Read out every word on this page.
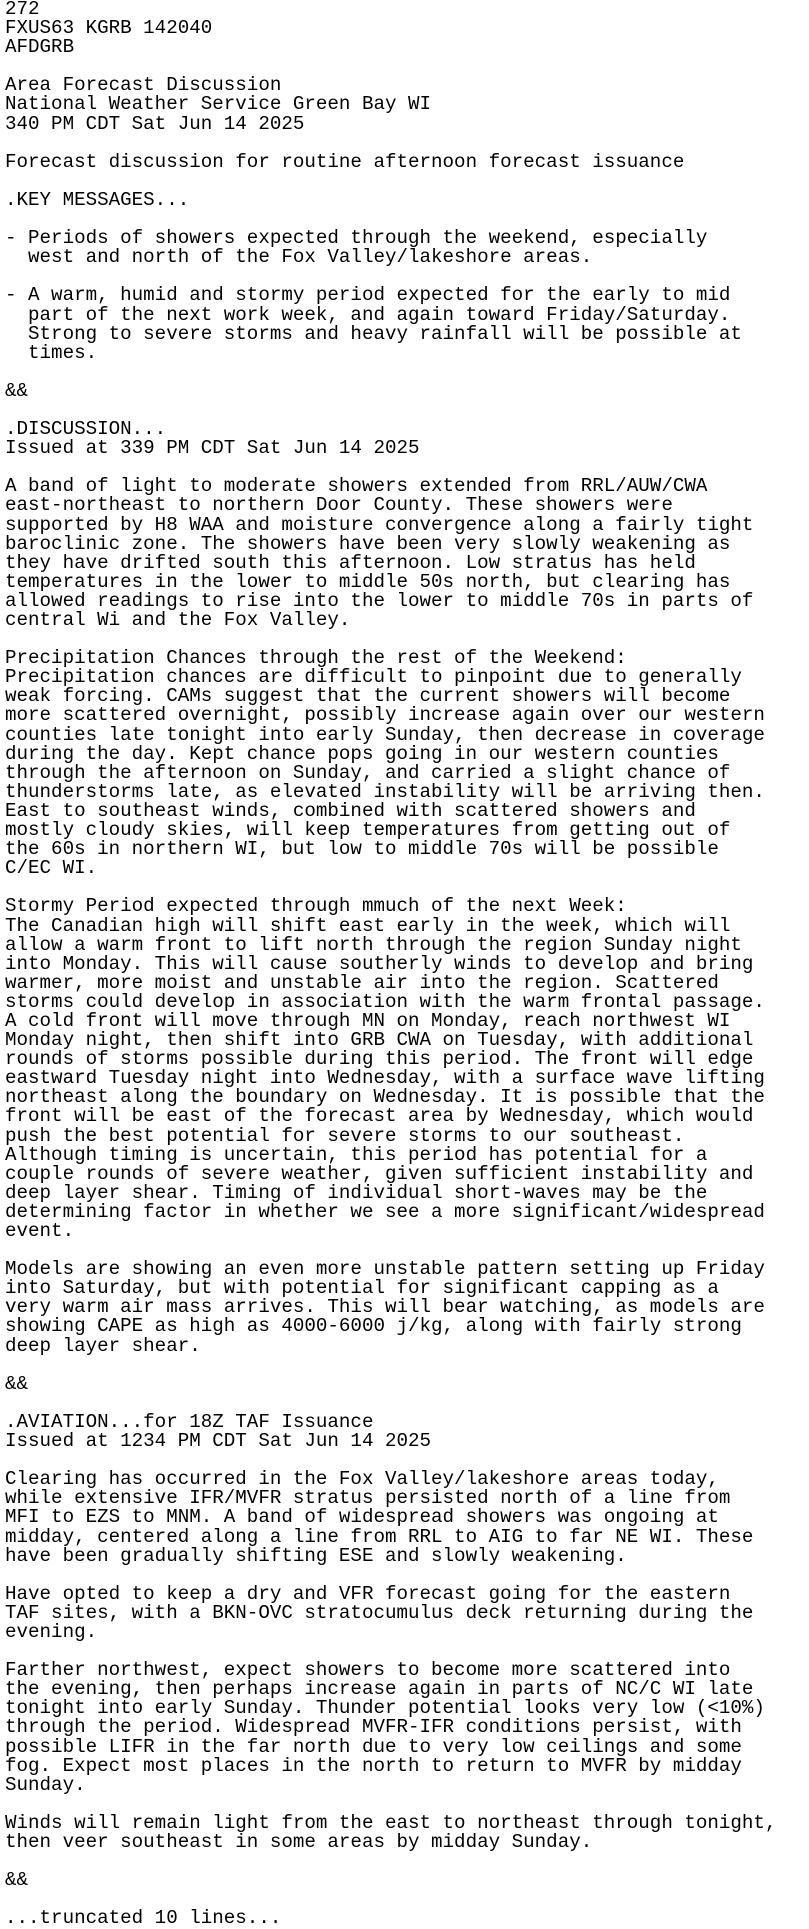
272
FXUS63 KGRB 142040
AFDGRB
Area Forecast Discussion
National Weather Service Green Bay WI
340 PM CDT Sat Jun 14 2025
Forecast discussion for routine afternoon forecast issuance
.KEY MESSAGES...
- Periods of showers expected through the weekend, especially
west and north of the Fox Valley/lakeshore areas.
- A warm, humid and stormy period expected for the early to mid
part of the next work week, and again toward Friday/Saturday.
Strong to severe storms and heavy rainfall will be possible at
times.
&&
.DISCUSSION...
Issued at 339 PM CDT Sat Jun 14 2025
A band of light to moderate showers extended from RRL/AUW/CWA
east-northeast to northern Door County. These showers were
supported by H8 WAA and moisture convergence along a fairly tight
baroclinic zone. The showers have been very slowly weakening as
they have drifted south this afternoon. Low stratus has held
temperatures in the lower to middle 50s north, but clearing has
allowed readings to rise into the lower to middle 70s in parts of
central Wi and the Fox Valley.
Precipitation Chances through the rest of the Weekend:
Precipitation chances are difficult to pinpoint due to generally
weak forcing. CAMs suggest that the current showers will become
more scattered overnight, possibly increase again over our western
counties late tonight into early Sunday, then decrease in coverage
during the day. Kept chance pops going in our western counties
through the afternoon on Sunday, and carried a slight chance of
thunderstorms late, as elevated instability will be arriving then.
East to southeast winds, combined with scattered showers and
mostly cloudy skies, will keep temperatures from getting out of
the 60s in northern WI, but low to middle 70s will be possible
C/EC WI.
Stormy Period expected through mmuch of the next Week:
The Canadian high will shift east early in the week, which will
allow a warm front to lift north through the region Sunday night
into Monday. This will cause southerly winds to develop and bring
warmer, more moist and unstable air into the region. Scattered
storms could develop in association with the warm frontal passage.
A cold front will move through MN on Monday, reach northwest WI
Monday night, then shift into GRB CWA on Tuesday, with additional
rounds of storms possible during this period. The front will edge
eastward Tuesday night into Wednesday, with a surface wave lifting
northeast along the boundary on Wednesday. It is possible that the
front will be east of the forecast area by Wednesday, which would
push the best potential for severe storms to our southeast.
Although timing is uncertain, this period has potential for a
couple rounds of severe weather, given sufficient instability and
deep layer shear. Timing of individual short-waves may be the
determining factor in whether we see a more significant/widespread
event.
Models are showing an even more unstable pattern setting up Friday
into Saturday, but with potential for significant capping as a
very warm air mass arrives. This will bear watching, as models are
showing CAPE as high as 4000-6000 j/kg, along with fairly strong
deep layer shear.
&&
.AVIATION...for 18Z TAF Issuance
Issued at 1234 PM CDT Sat Jun 14 2025
Clearing has occurred in the Fox Valley/lakeshore areas today,
while extensive IFR/MVFR stratus persisted north of a line from
MFI to EZS to MNM. A band of widespread showers was ongoing at
midday, centered along a line from RRL to AIG to far NE WI. These
have been gradually shifting ESE and slowly weakening.
Have opted to keep a dry and VFR forecast going for the eastern
TAF sites, with a BKN-OVC stratocumulus deck returning during the
evening.
Farther northwest, expect showers to become more scattered into
the evening, then perhaps increase again in parts of NC/C WI late
tonight into early Sunday. Thunder potential looks very low (<10%)
through the period. Widespread MVFR-IFR conditions persist, with
possible LIFR in the far north due to very low ceilings and some
fog. Expect most places in the north to return to MVFR by midday
Sunday.
Winds will remain light from the east to northeast through tonight,
then veer southeast in some areas by midday Sunday.
&&
...truncated 10 lines...
